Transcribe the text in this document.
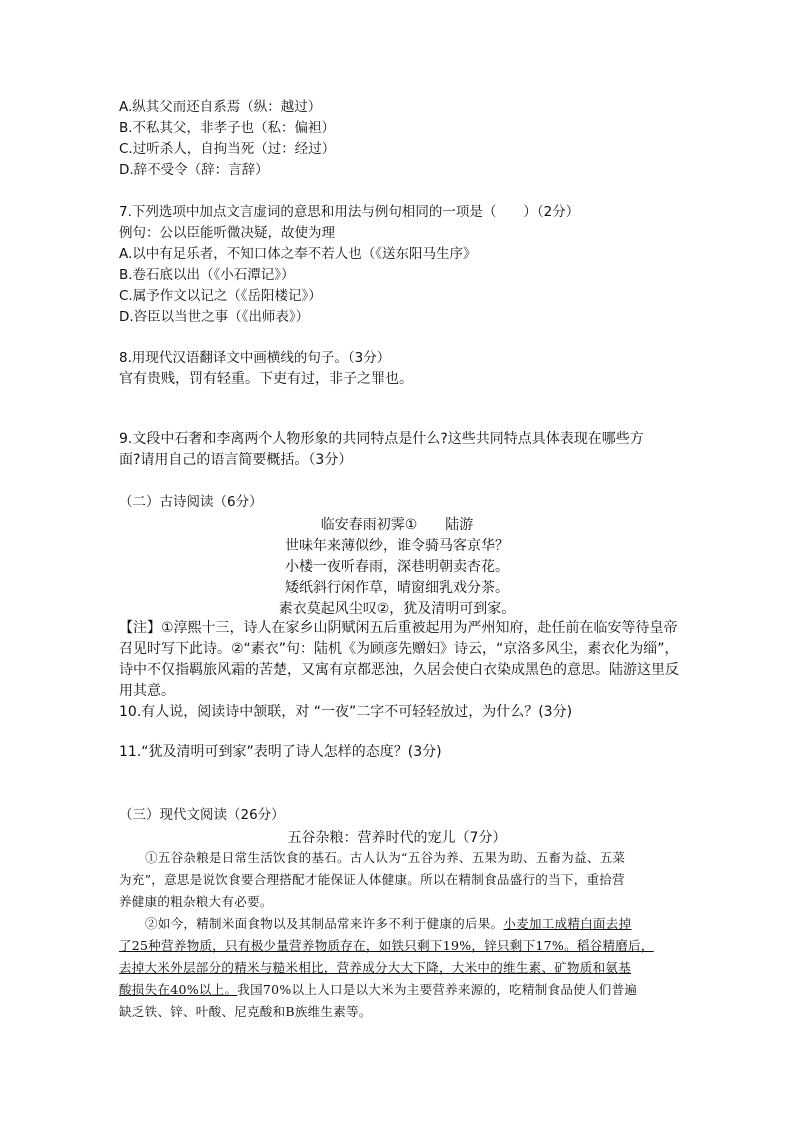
A.纵其父而还自系焉（纵：越过）
B.不私其父，非孝子也（私：偏袒）
C.过听杀人，自拘当死（过：经过）
D.辞不受令（辞：言辞）
7.下列选项中加点文言虚词的意思和用法与例句相同的一项是（　　）（2分）
例句：公以臣能听微决疑，故使为理
A.以中有足乐者，不知口体之奉不若人也（《送东阳马生序》
B.卷石底以出（《小石潭记》）
C.属予作文以记之（《岳阳楼记》）
D.咨臣以当世之事（《出师表》）
8.用现代汉语翻译文中画横线的句子。（3分）
官有贵贱，罚有轻重。下吏有过，非子之罪也。
9.文段中石奢和李离两个人物形象的共同特点是什么?这些共同特点具体表现在哪些方
面?请用自己的语言简要概括。（3分）
（二）古诗阅读（6分）
临安春雨初霁①　　陆游
世味年来薄似纱，谁令骑马客京华？
小楼一夜听春雨，深巷明朝卖杏花。
矮纸斜行闲作草，晴窗细乳戏分茶。
素衣莫起风尘叹②，犹及清明可到家。
【注】①淳熙十三，诗人在家乡山阴赋闲五后重被起用为严州知府，赴任前在临安等待皇帝
召见时写下此诗。②“素衣”句：陆机《为顾彦先赠妇》诗云，“京洛多风尘，素衣化为缁”，
诗中不仅指羁旅风霜的苦楚，又寓有京都恶浊，久居会使白衣染成黑色的意思。陆游这里反
用其意。
10.有人说，阅读诗中颔联，对 “一夜”二字不可轻轻放过，为什么？(3分)
11.“犹及清明可到家”表明了诗人怎样的态度？(3分)
（三）现代文阅读（26分）
五谷杂粮：营养时代的宠儿（7分）
①五谷杂粮是日常生活饮食的基石。古人认为“五谷为养、五果为助、五畜为益、五菜
为充”，意思是说饮食要合理搭配才能保证人体健康。所以在精制食品盛行的当下，重拾营
养健康的粗杂粮大有必要。
②如今，精制米面食物以及其制品常来许多不利于健康的后果。小麦加工成精白面去掉
了25种营养物质，只有极少量营养物质存在，如铁只剩下19%，锌只剩下17%。稻谷精磨后，
去掉大米外层部分的精米与糙米相比，营养成分大大下降，大米中的维生素、矿物质和氨基
酸损失在40%以上。我国70%以上人口是以大米为主要营养来源的，吃精制食品使人们普遍
缺乏铁、锌、叶酸、尼克酸和B族维生素等。
